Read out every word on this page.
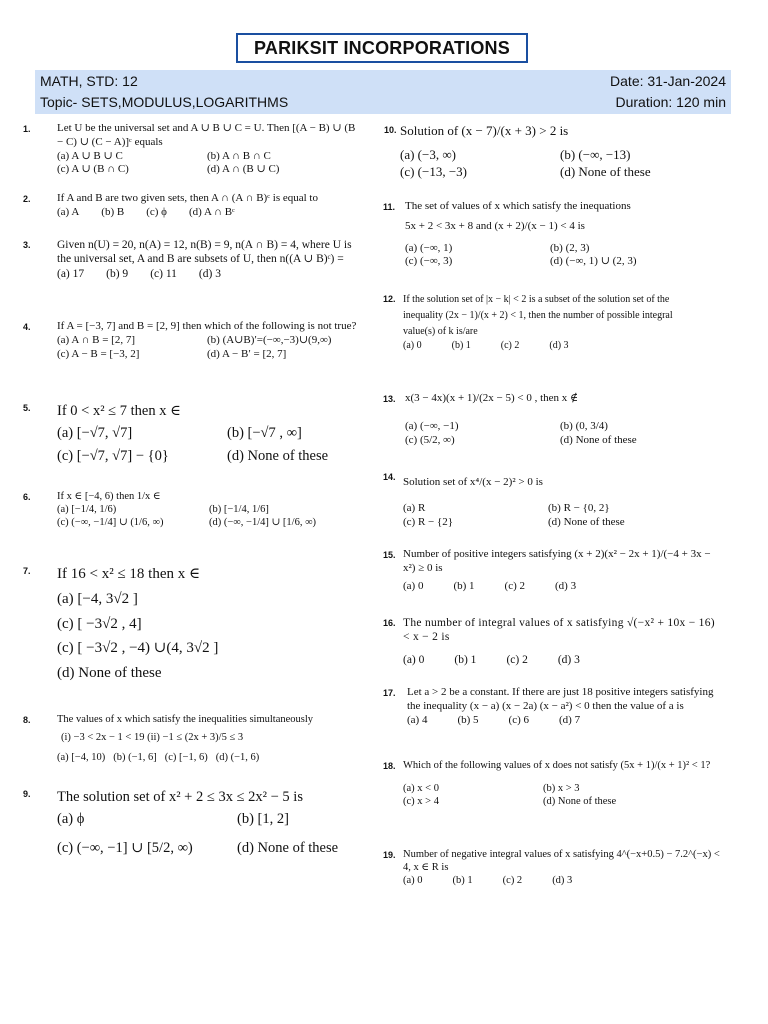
PARIKSIT INCORPORATIONS
MATH, STD: 12	Date: 31-Jan-2024
Topic- SETS,MODULUS,LOGARITHMS	Duration: 120 min
1. Let U be the universal set and A ∪ B ∪ C = U. Then [(A − B) ∪ (B − C) ∪ (C − A)]ᶜ equals

(a) A ∪ B ∪ C	(b) A ∩ B ∩ C
(c) A ∪ (B ∩ C)	(d) A ∩ (B ∪ C)
2. If A and B are two given sets, then A ∩ (A ∩ B)ᶜ is equal to

(a) A (b) B (c) ϕ (d) A ∩ Bᶜ
3. Given n(U) = 20, n(A) = 12, n(B) = 9, n(A ∩ B) = 4, where U is the universal set, A and B are subsets of U, then n((A ∪ B)ᶜ) =

(a) 17 (b) 9 (c) 11 (d) 3
4. If A = [−3, 7] and B = [2, 9] then which of the following is not true?

(a) A ∩ B = [2, 7]	(b) (A∪B)′=(−∞,−3)∪(9,∞)
(c) A − B = [−3, 2]	(d) A − B′ = [2, 7]
5. If 0 < x² ≤ 7 then x ∈

(a) [−√7, √7]	(b) [−√7 , ∞]
(c) [−√7, √7] − {0}	(d) None of these
6.	If x ∈ [−4, 6) then 1/x ∈

(a) [−1/4, 1/6)	(b) [−1/4, 1/6]
(c) (−∞, −1/4] ∪ (1/6, ∞)	(d) (−∞, −1/4] ∪ [1/6, ∞)
7. If 16 < x² ≤ 18 then x ∈

(a) [−4, 3√2 ]
(c) [ −3√2 , 4]
(c) [ −3√2 , −4) ∪(4, 3√2 ]
(d) None of these
8.	The values of x which satisfy the inequalities simultaneously

(i) −3 < 2x − 1 < 19 (ii) −1 ≤ (2x + 3)/5 ≤ 3

(a) [−4, 10) (b) (−1, 6] (c) [−1, 6) (d) (−1, 6)
9. The solution set of x² + 2 ≤ 3x ≤ 2x² − 5 is

(a) ϕ	(b) [1, 2]
(c) (−∞, −1] ∪ [5/2, ∞)	(d) None of these
10. Solution of (x − 7)/(x + 3) > 2 is

(a) (−3, ∞)	(b) (−∞, −13)
(c) (−13, −3)	(d) None of these
11. The set of values of x which satisfy the inequations

5x + 2 < 3x + 8 and (x + 2)/(x − 1) < 4 is

(a) (−∞, 1)	(b) (2, 3)
(c) (−∞, 3)	(d) (−∞, 1) ∪ (2, 3)
12. If the solution set of |x − k| < 2 is a subset of the solution set of the inequality (2x − 1)/(x + 2) < 1, then the number of possible integral value(s) of k is/are

(a) 0	(b) 1	(c) 2	(d) 3
13. x(3 − 4x)(x + 1)/(2x − 5) < 0 , then x ∉

(a) (−∞, −1)	(b) (0, 3/4)
(c) (5/2, ∞)	(d) None of these
14. Solution set of x⁴/(x − 2)² > 0 is

(a) R	(b) R − {0, 2}
(c) R − {2}	(d) None of these
15. Number of positive integers satisfying (x + 2)(x² − 2x + 1)/(−4 + 3x − x²) ≥ 0 is

(a) 0	(b) 1	(c) 2	(d) 3
16. The number of integral values of x satisfying √(−x² + 10x − 16) < x − 2 is

(a) 0	(b) 1	(c) 2	(d) 3
17. Let a > 2 be a constant. If there are just 18 positive integers satisfying the inequality (x − a) (x − 2a) (x − a²) < 0 then the value of a is

(a) 4	(b) 5	(c) 6	(d) 7
18. Which of the following values of x does not satisfy (5x + 1)/(x + 1)² < 1?

(a) x < 0	(b) x > 3
(c) x > 4	(d) None of these
19. Number of negative integral values of x satisfying 4^(−x+0.5) − 7.2^(−x) < 4, x ∈ R is

(a) 0	(b) 1	(c) 2	(d) 3
